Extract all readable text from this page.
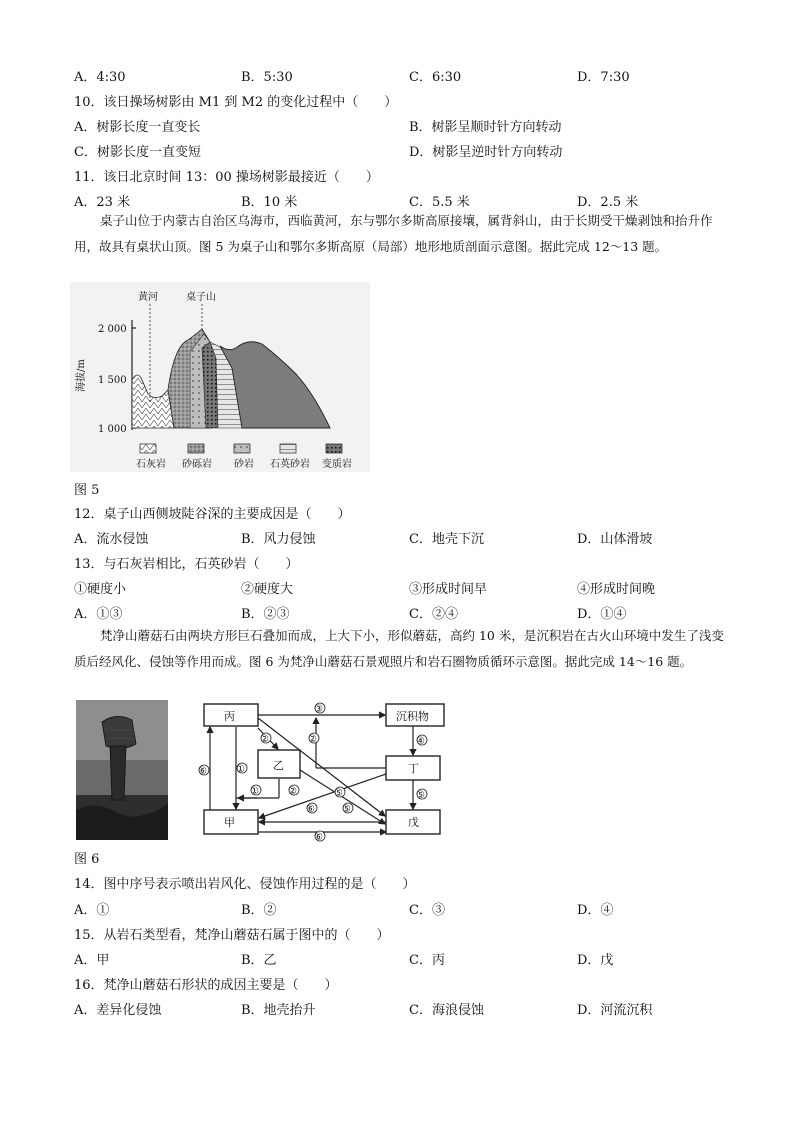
A．4:30	B．5:30	C．6:30	D．7:30
10．该日操场树影由 M1 到 M2 的变化过程中（　　）
A．树影长度一直变长	B．树影呈顺时针方向转动
C．树影长度一直变短	D．树影呈逆时针方向转动
11．该日北京时间 13：00 操场树影最接近（　　）
A．23 米	B．10 米	C．5.5 米	D．2.5 米
桌子山位于内蒙古自治区乌海市，西临黄河，东与鄂尔多斯高原接壤，属背斜山，由于长期受干燥剥蚀和抬升作用，故具有桌状山顶。图 5 为桌子山和鄂尔多斯高原（局部）地形地质剖面示意图。据此完成 12～13 题。
2 000
1 500
1 000
海拔/m
黄河	桌子山
石灰岩 砂砾岩 砂岩 石英砂岩 变质岩
图 5
12．桌子山西侧坡陡谷深的主要成因是（　　）
A．流水侵蚀	B．风力侵蚀	C．地壳下沉	D．山体滑坡
13．与石灰岩相比，石英砂岩（　　）
①硬度小	②硬度大	③形成时间早	④形成时间晚
A．①③	B．②③	C．②④	D．①④
梵净山蘑菇石由两块方形巨石叠加而成，上大下小，形似蘑菇，高约 10 米，是沉积岩在古火山环境中发生了浅变质后经风化、侵蚀等作用而成。图 6 为梵净山蘑菇石景观照片和岩石圈物质循环示意图。据此完成 14～16 题。
丙	沉积物
乙	丁
甲	戊
③
④
⑤
②	②
①
①
⑥
②	⑤
⑥	⑤
⑥
图 6
14．图中序号表示喷出岩风化、侵蚀作用过程的是（　　）
A．①	B．②	C．③	D．④
15．从岩石类型看，梵净山蘑菇石属于图中的（　　）
A．甲	B．乙	C．丙	D．戊
16．梵净山蘑菇石形状的成因主要是（　　）
A．差异化侵蚀	B．地壳抬升	C．海浪侵蚀	D．河流沉积
